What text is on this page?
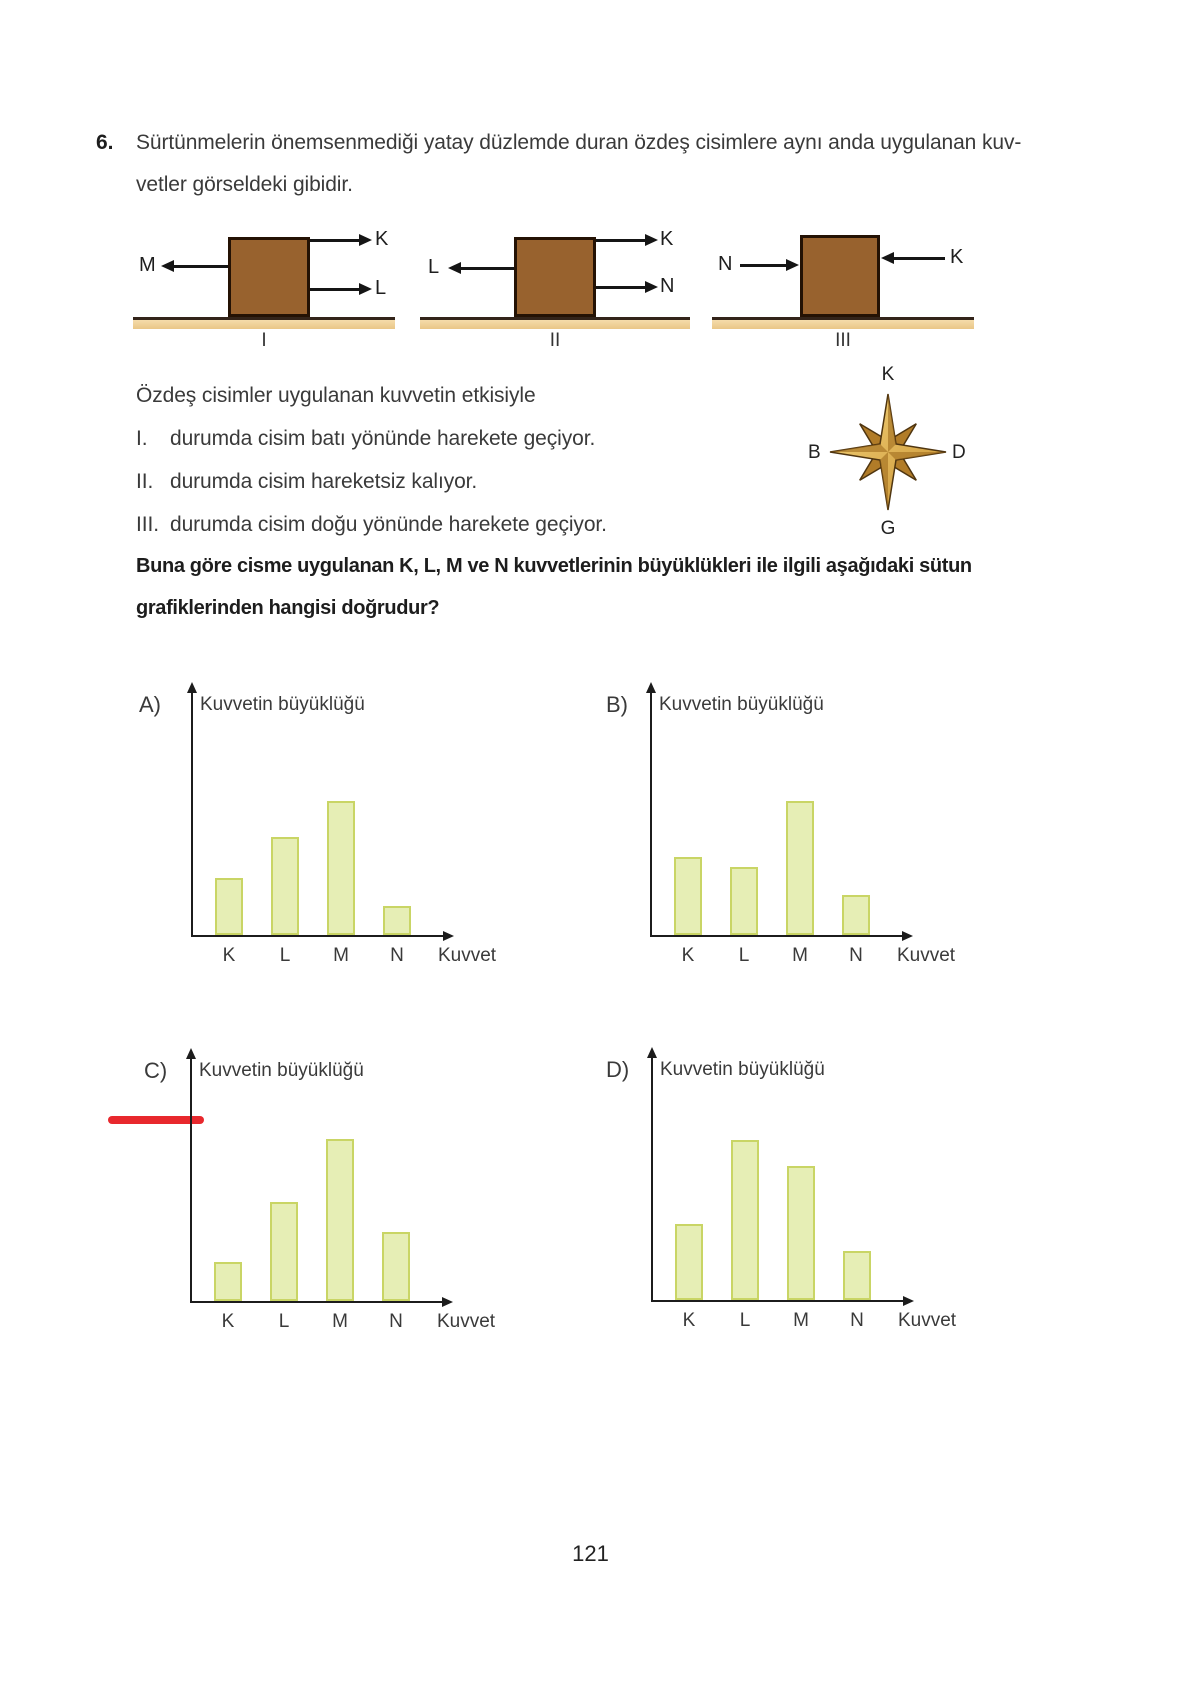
6. Sürtünmelerin önemsenmediği yatay düzlemde duran özdeş cisimlere aynı anda uygulanan kuv-
vetler görseldeki gibidir.
M
K
L
I
L
K
N
II
N	K
III
K
G
B	D
Özdeş cisimler uygulanan kuvvetin etkisiyle
I. durumda cisim batı yönünde harekete geçiyor.
II. durumda cisim hareketsiz kalıyor.
III. durumda cisim doğu yönünde harekete geçiyor.
Buna göre cisme uygulanan K, L, M ve N kuvvetlerinin büyüklükleri ile ilgili aşağıdaki sütun
grafiklerinden hangisi doğrudur?
A) Kuvvetin büyüklüğü
K	L	M	N	Kuvvet
B) Kuvvetin büyüklüğü
K	L	M	N	Kuvvet
C) Kuvvetin büyüklüğü
K	L	M	N	Kuvvet
D) Kuvvetin büyüklüğü
K	L	M	N	Kuvvet
121
